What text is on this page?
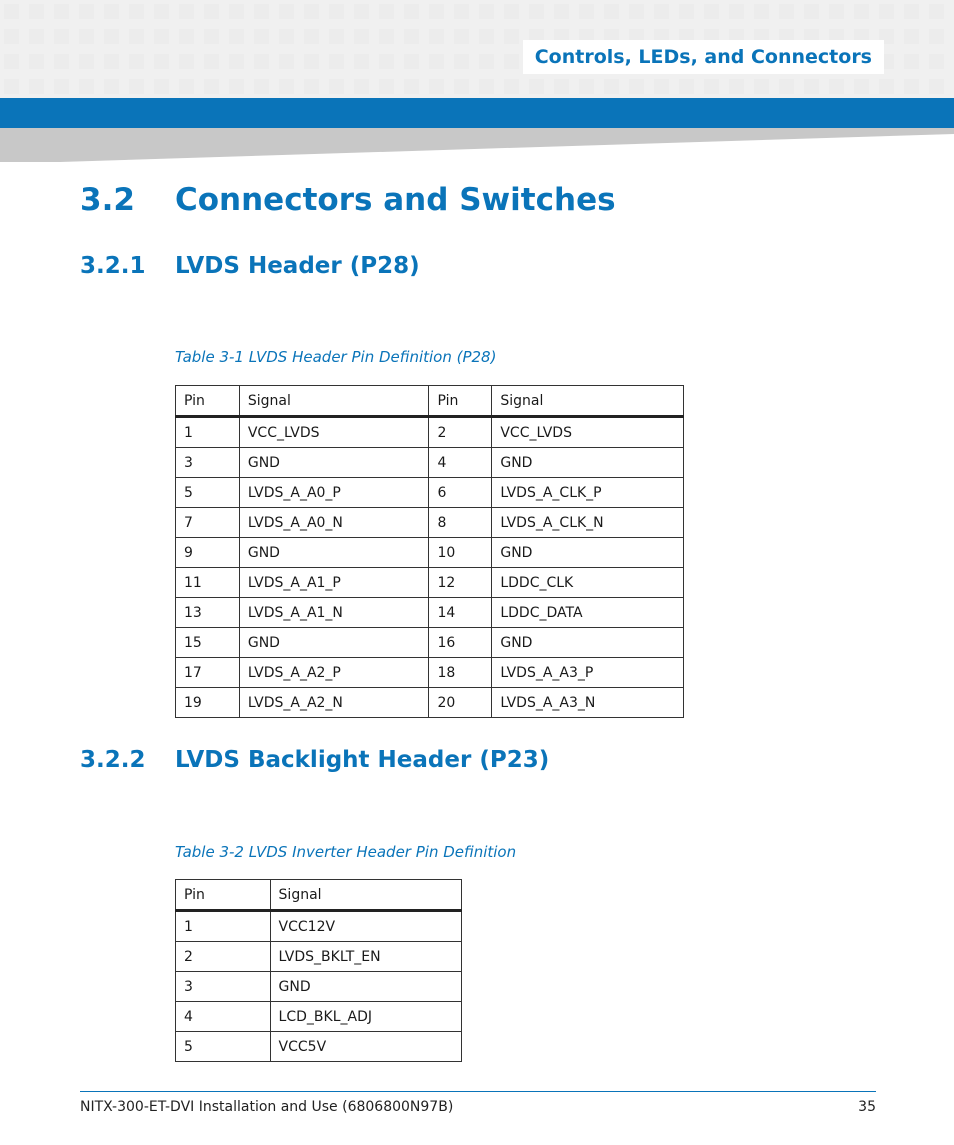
Controls, LEDs, and Connectors
3.2 Connectors and Switches
3.2.1 LVDS Header (P28)
Table 3-1 LVDS Header Pin Definition (P28)
Pin	Signal	Pin	Signal
1	VCC_LVDS	2	VCC_LVDS
3	GND	4	GND
5	LVDS_A_A0_P	6	LVDS_A_CLK_P
7	LVDS_A_A0_N	8	LVDS_A_CLK_N
9	GND	10	GND
11	LVDS_A_A1_P	12	LDDC_CLK
13	LVDS_A_A1_N	14	LDDC_DATA
15	GND	16	GND
17	LVDS_A_A2_P	18	LVDS_A_A3_P
19	LVDS_A_A2_N	20	LVDS_A_A3_N
3.2.2 LVDS Backlight Header (P23)
Table 3-2 LVDS Inverter Header Pin Definition
Pin	Signal
1	VCC12V
2	LVDS_BKLT_EN
3	GND
4	LCD_BKL_ADJ
5	VCC5V
NITX-300-ET-DVI Installation and Use (6806800N97B)	35
